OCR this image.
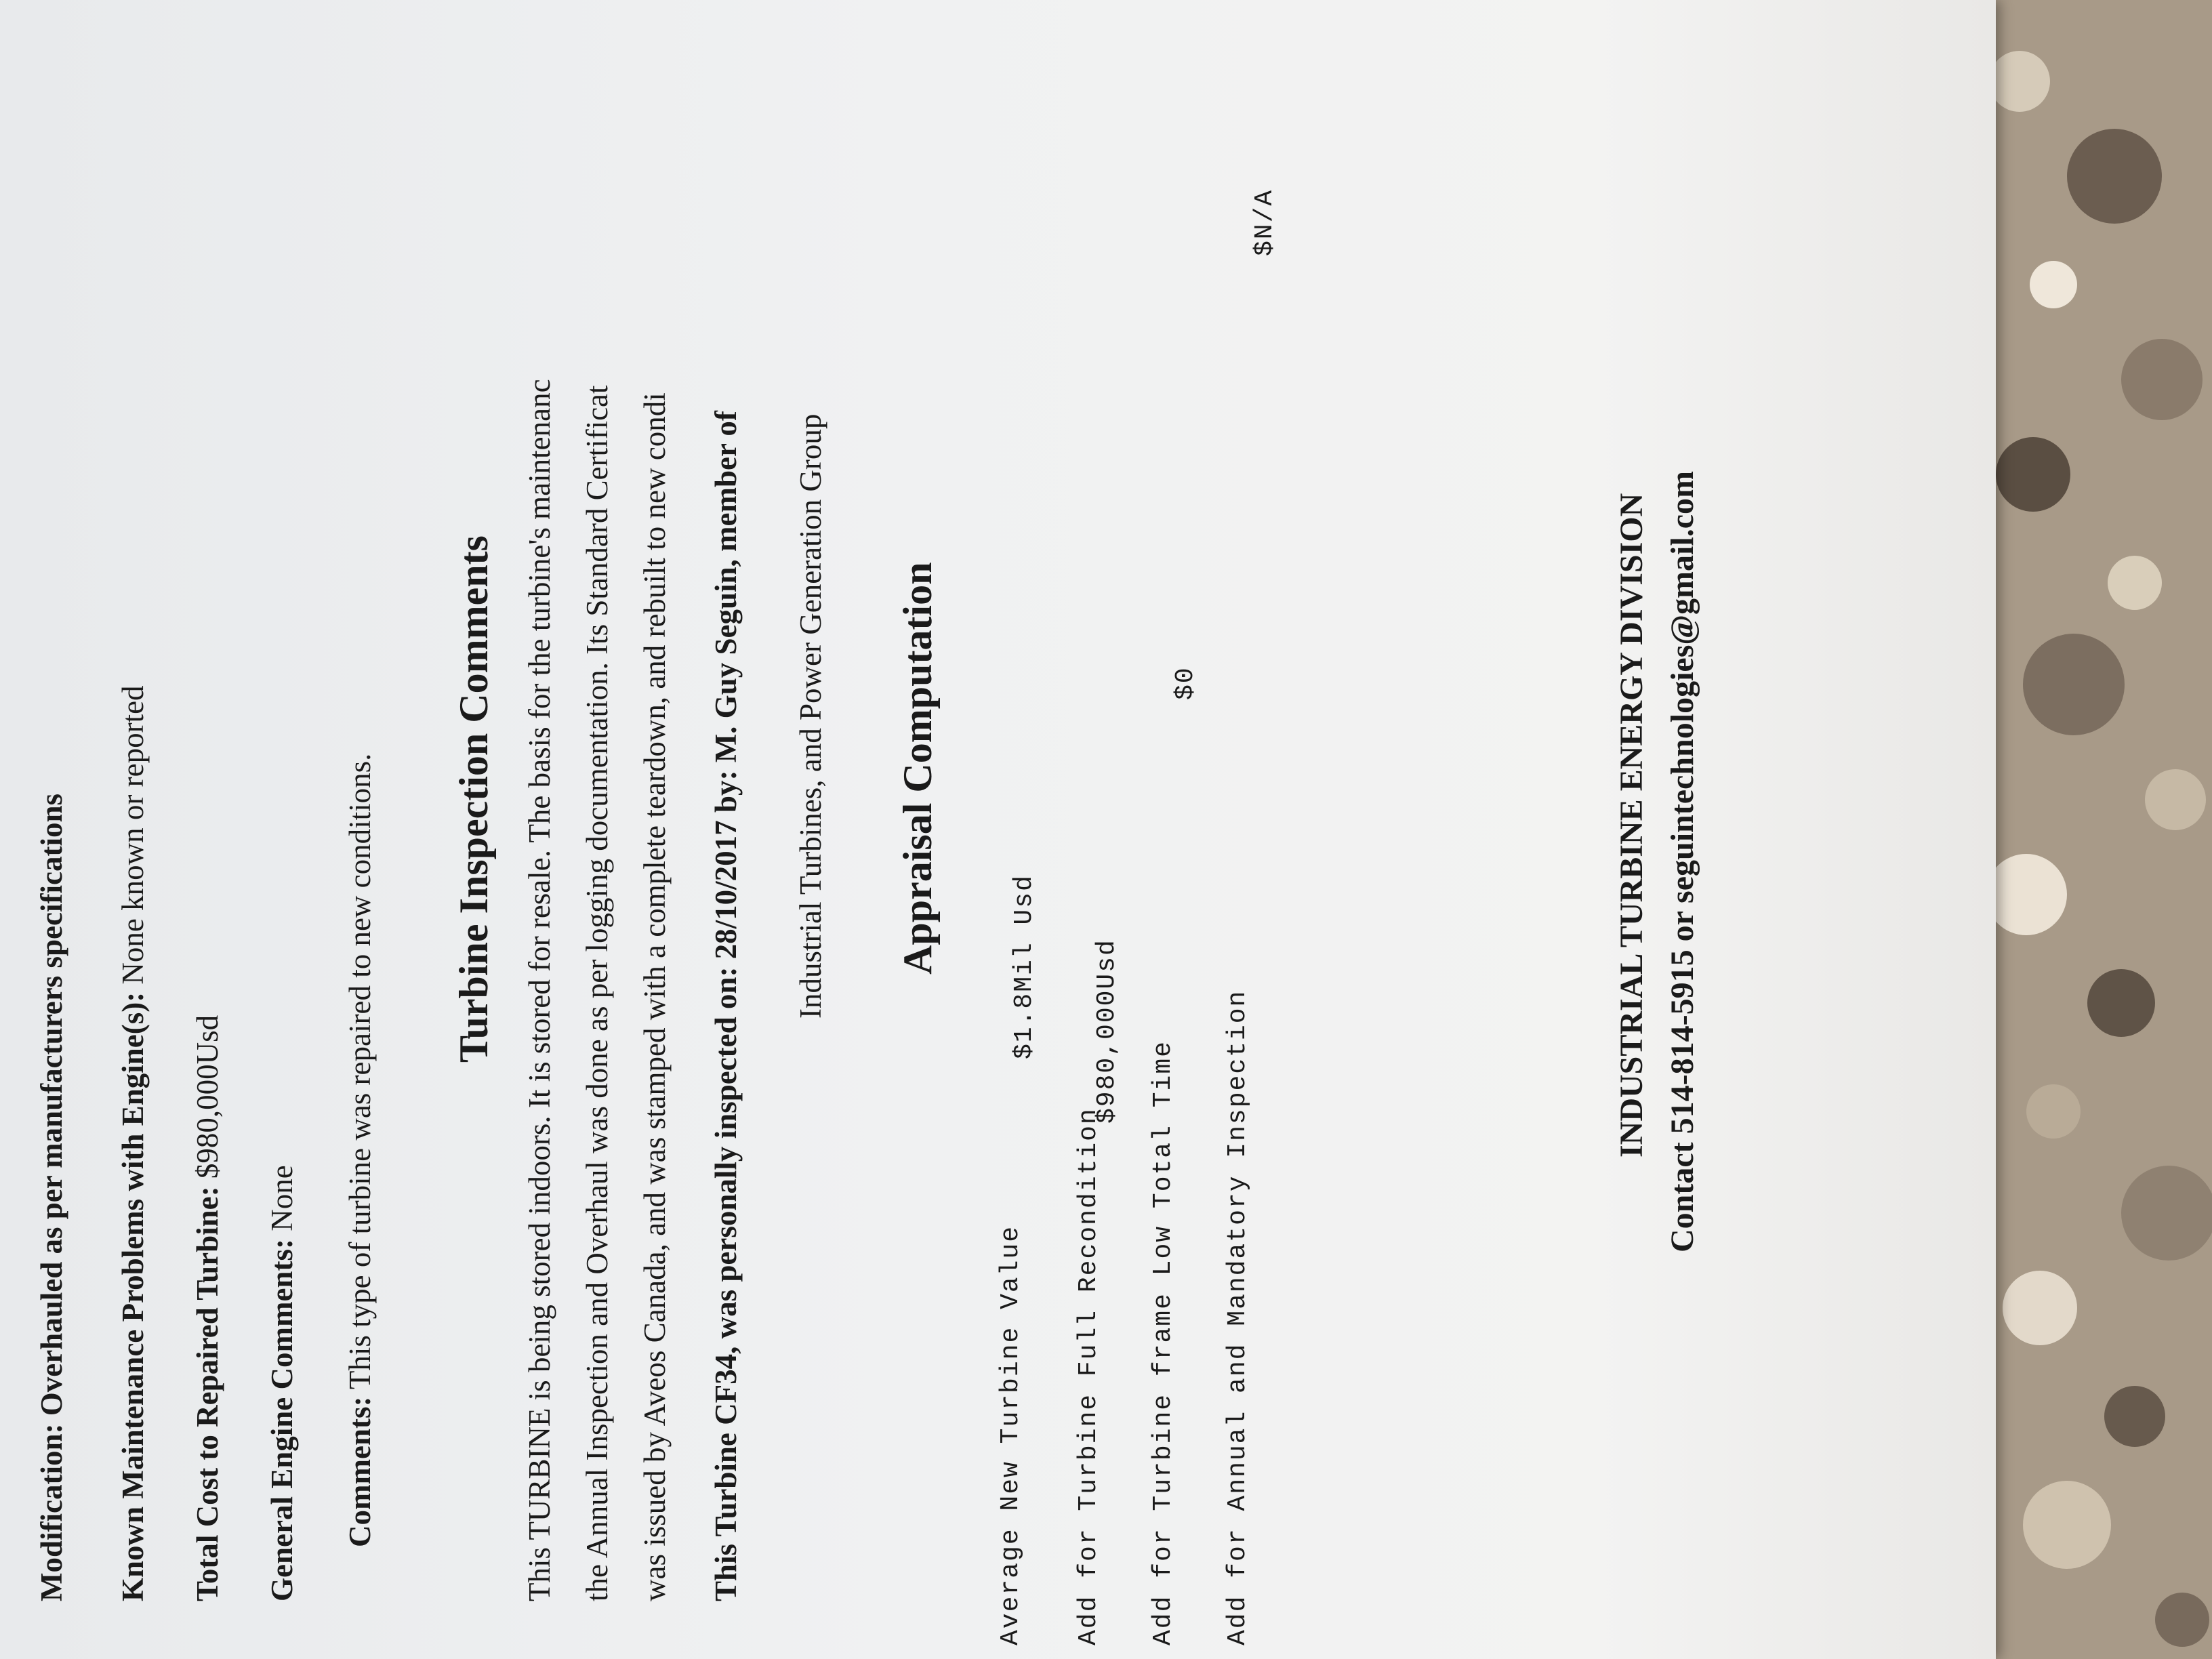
Modification: Overhauled as per manufacturers specifications Known Maintenance Problems with Engine(s): None known or reported
Total Cost to Repaired Turbine: $980,000Usd
General Engine Comments: None
Comments: This type of turbine was repaired to new conditions. Turbine Inspection Comments This TURBINE is being stored indoors. It is stored for resale. The basis for the turbine's maintenanc the Annual Inspection and Overhaul was done as per logging documentation. Its Standard Certificat was issued by Aveos Canada, and was stamped with a complete teardown, and rebuilt to new condi This Turbine CF34, was personally inspected on: 28/10/2017 by: M. Guy Seguin, member of Industrial Turbines, and Power Generation Group Appraisal Computation
Average New Turbine Value
$1.8Mil Usd
Add for Turbine Full Recondition
$980,000Usd
Add for Turbine frame Low Total Time
$0
Add for Annual and Mandatory Inspection
$N/A
INDUSTRIAL TURBINE ENERGY DIVISION Contact 514-814-5915 or seguintechnologies@gmail.com
